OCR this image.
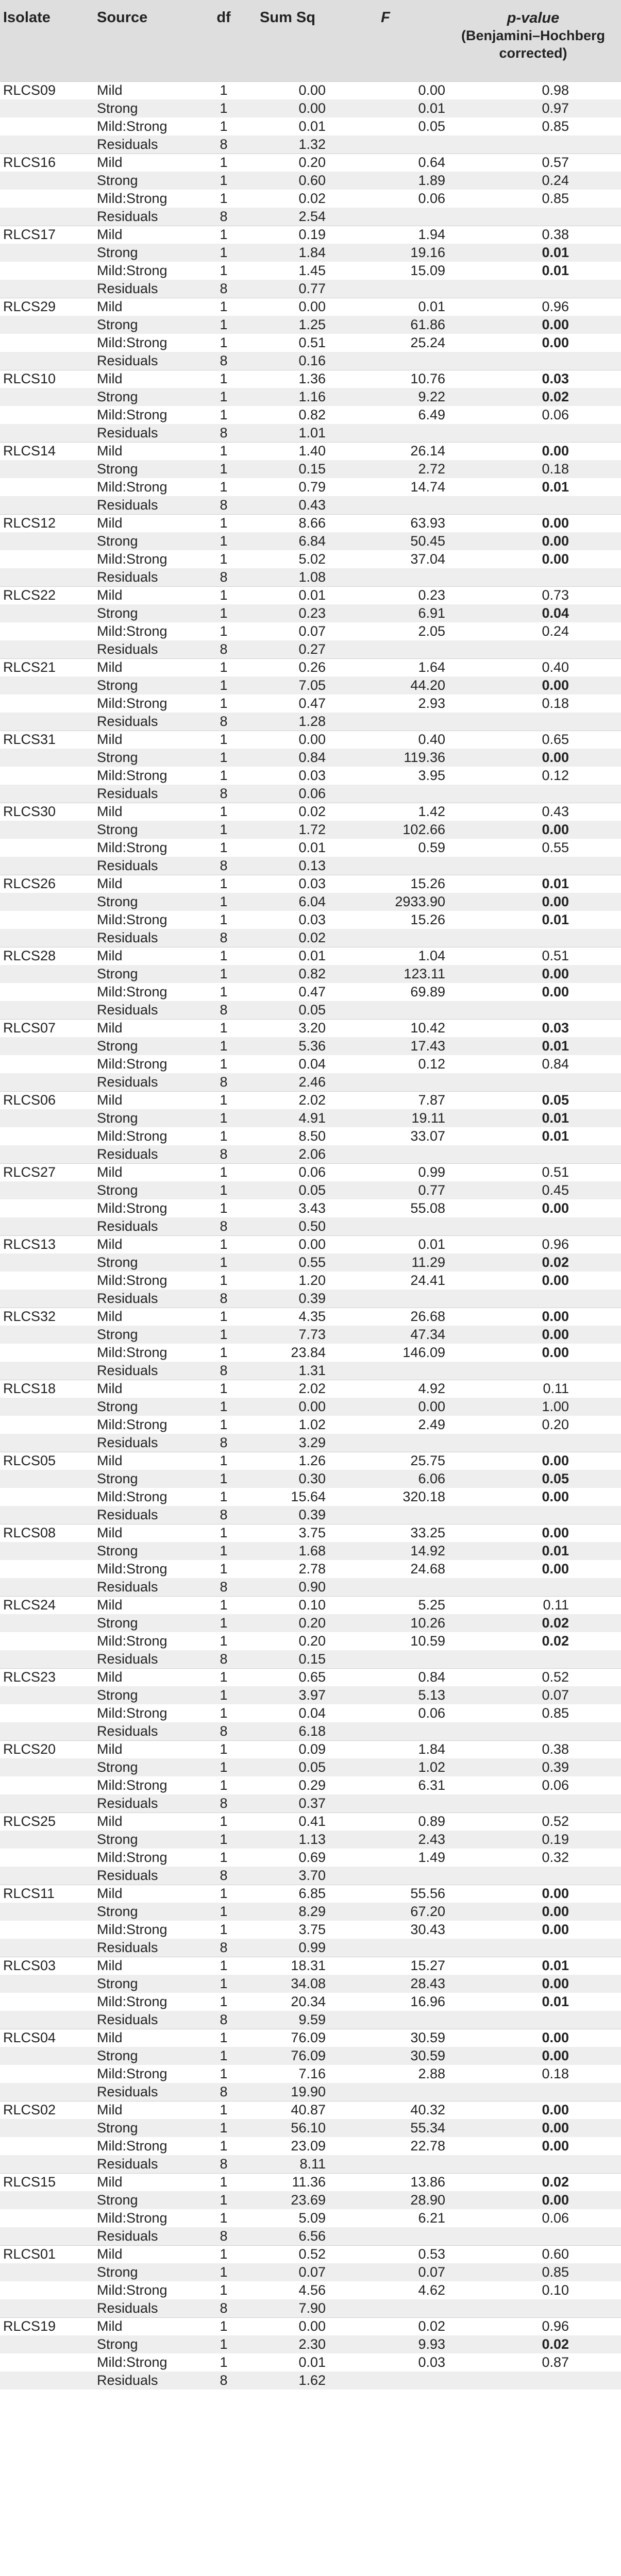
Isolate	Source	df	Sum Sq	F	p-value
(Benjamini–Hochberg
corrected)	

RLCS09	Mild	1	0.00	0.00	0.98	
	Strong	1	0.00	0.01	0.97	
	Mild:Strong	1	0.01	0.05	0.85	
	Residuals	8	1.32			
RLCS16	Mild	1	0.20	0.64	0.57	
	Strong	1	0.60	1.89	0.24	
	Mild:Strong	1	0.02	0.06	0.85	
	Residuals	8	2.54			
RLCS17	Mild	1	0.19	1.94	0.38	
	Strong	1	1.84	19.16	0.01	
	Mild:Strong	1	1.45	15.09	0.01	
	Residuals	8	0.77			
RLCS29	Mild	1	0.00	0.01	0.96	
	Strong	1	1.25	61.86	0.00	
	Mild:Strong	1	0.51	25.24	0.00	
	Residuals	8	0.16			
RLCS10	Mild	1	1.36	10.76	0.03	
	Strong	1	1.16	9.22	0.02	
	Mild:Strong	1	0.82	6.49	0.06	
	Residuals	8	1.01			
RLCS14	Mild	1	1.40	26.14	0.00	
	Strong	1	0.15	2.72	0.18	
	Mild:Strong	1	0.79	14.74	0.01	
	Residuals	8	0.43			
RLCS12	Mild	1	8.66	63.93	0.00	
	Strong	1	6.84	50.45	0.00	
	Mild:Strong	1	5.02	37.04	0.00	
	Residuals	8	1.08			
RLCS22	Mild	1	0.01	0.23	0.73	
	Strong	1	0.23	6.91	0.04	
	Mild:Strong	1	0.07	2.05	0.24	
	Residuals	8	0.27			
RLCS21	Mild	1	0.26	1.64	0.40	
	Strong	1	7.05	44.20	0.00	
	Mild:Strong	1	0.47	2.93	0.18	
	Residuals	8	1.28			
RLCS31	Mild	1	0.00	0.40	0.65	
	Strong	1	0.84	119.36	0.00	
	Mild:Strong	1	0.03	3.95	0.12	
	Residuals	8	0.06			
RLCS30	Mild	1	0.02	1.42	0.43	
	Strong	1	1.72	102.66	0.00	
	Mild:Strong	1	0.01	0.59	0.55	
	Residuals	8	0.13			
RLCS26	Mild	1	0.03	15.26	0.01	
	Strong	1	6.04	2933.90	0.00	
	Mild:Strong	1	0.03	15.26	0.01	
	Residuals	8	0.02			
RLCS28	Mild	1	0.01	1.04	0.51	
	Strong	1	0.82	123.11	0.00	
	Mild:Strong	1	0.47	69.89	0.00	
	Residuals	8	0.05			
RLCS07	Mild	1	3.20	10.42	0.03	
	Strong	1	5.36	17.43	0.01	
	Mild:Strong	1	0.04	0.12	0.84	
	Residuals	8	2.46			
RLCS06	Mild	1	2.02	7.87	0.05	
	Strong	1	4.91	19.11	0.01	
	Mild:Strong	1	8.50	33.07	0.01	
	Residuals	8	2.06			
RLCS27	Mild	1	0.06	0.99	0.51	
	Strong	1	0.05	0.77	0.45	
	Mild:Strong	1	3.43	55.08	0.00	
	Residuals	8	0.50			
RLCS13	Mild	1	0.00	0.01	0.96	
	Strong	1	0.55	11.29	0.02	
	Mild:Strong	1	1.20	24.41	0.00	
	Residuals	8	0.39			
RLCS32	Mild	1	4.35	26.68	0.00	
	Strong	1	7.73	47.34	0.00	
	Mild:Strong	1	23.84	146.09	0.00	
	Residuals	8	1.31			
RLCS18	Mild	1	2.02	4.92	0.11	
	Strong	1	0.00	0.00	1.00	
	Mild:Strong	1	1.02	2.49	0.20	
	Residuals	8	3.29			
RLCS05	Mild	1	1.26	25.75	0.00	
	Strong	1	0.30	6.06	0.05	
	Mild:Strong	1	15.64	320.18	0.00	
	Residuals	8	0.39			
RLCS08	Mild	1	3.75	33.25	0.00	
	Strong	1	1.68	14.92	0.01	
	Mild:Strong	1	2.78	24.68	0.00	
	Residuals	8	0.90			
RLCS24	Mild	1	0.10	5.25	0.11	
	Strong	1	0.20	10.26	0.02	
	Mild:Strong	1	0.20	10.59	0.02	
	Residuals	8	0.15			
RLCS23	Mild	1	0.65	0.84	0.52	
	Strong	1	3.97	5.13	0.07	
	Mild:Strong	1	0.04	0.06	0.85	
	Residuals	8	6.18			
RLCS20	Mild	1	0.09	1.84	0.38	
	Strong	1	0.05	1.02	0.39	
	Mild:Strong	1	0.29	6.31	0.06	
	Residuals	8	0.37			
RLCS25	Mild	1	0.41	0.89	0.52	
	Strong	1	1.13	2.43	0.19	
	Mild:Strong	1	0.69	1.49	0.32	
	Residuals	8	3.70			
RLCS11	Mild	1	6.85	55.56	0.00	
	Strong	1	8.29	67.20	0.00	
	Mild:Strong	1	3.75	30.43	0.00	
	Residuals	8	0.99			
RLCS03	Mild	1	18.31	15.27	0.01	
	Strong	1	34.08	28.43	0.00	
	Mild:Strong	1	20.34	16.96	0.01	
	Residuals	8	9.59			
RLCS04	Mild	1	76.09	30.59	0.00	
	Strong	1	76.09	30.59	0.00	
	Mild:Strong	1	7.16	2.88	0.18	
	Residuals	8	19.90			
RLCS02	Mild	1	40.87	40.32	0.00	
	Strong	1	56.10	55.34	0.00	
	Mild:Strong	1	23.09	22.78	0.00	
	Residuals	8	8.11			
RLCS15	Mild	1	11.36	13.86	0.02	
	Strong	1	23.69	28.90	0.00	
	Mild:Strong	1	5.09	6.21	0.06	
	Residuals	8	6.56			
RLCS01	Mild	1	0.52	0.53	0.60	
	Strong	1	0.07	0.07	0.85	
	Mild:Strong	1	4.56	4.62	0.10	
	Residuals	8	7.90			
RLCS19	Mild	1	0.00	0.02	0.96	
	Strong	1	2.30	9.93	0.02	
	Mild:Strong	1	0.01	0.03	0.87	
	Residuals	8	1.62			
